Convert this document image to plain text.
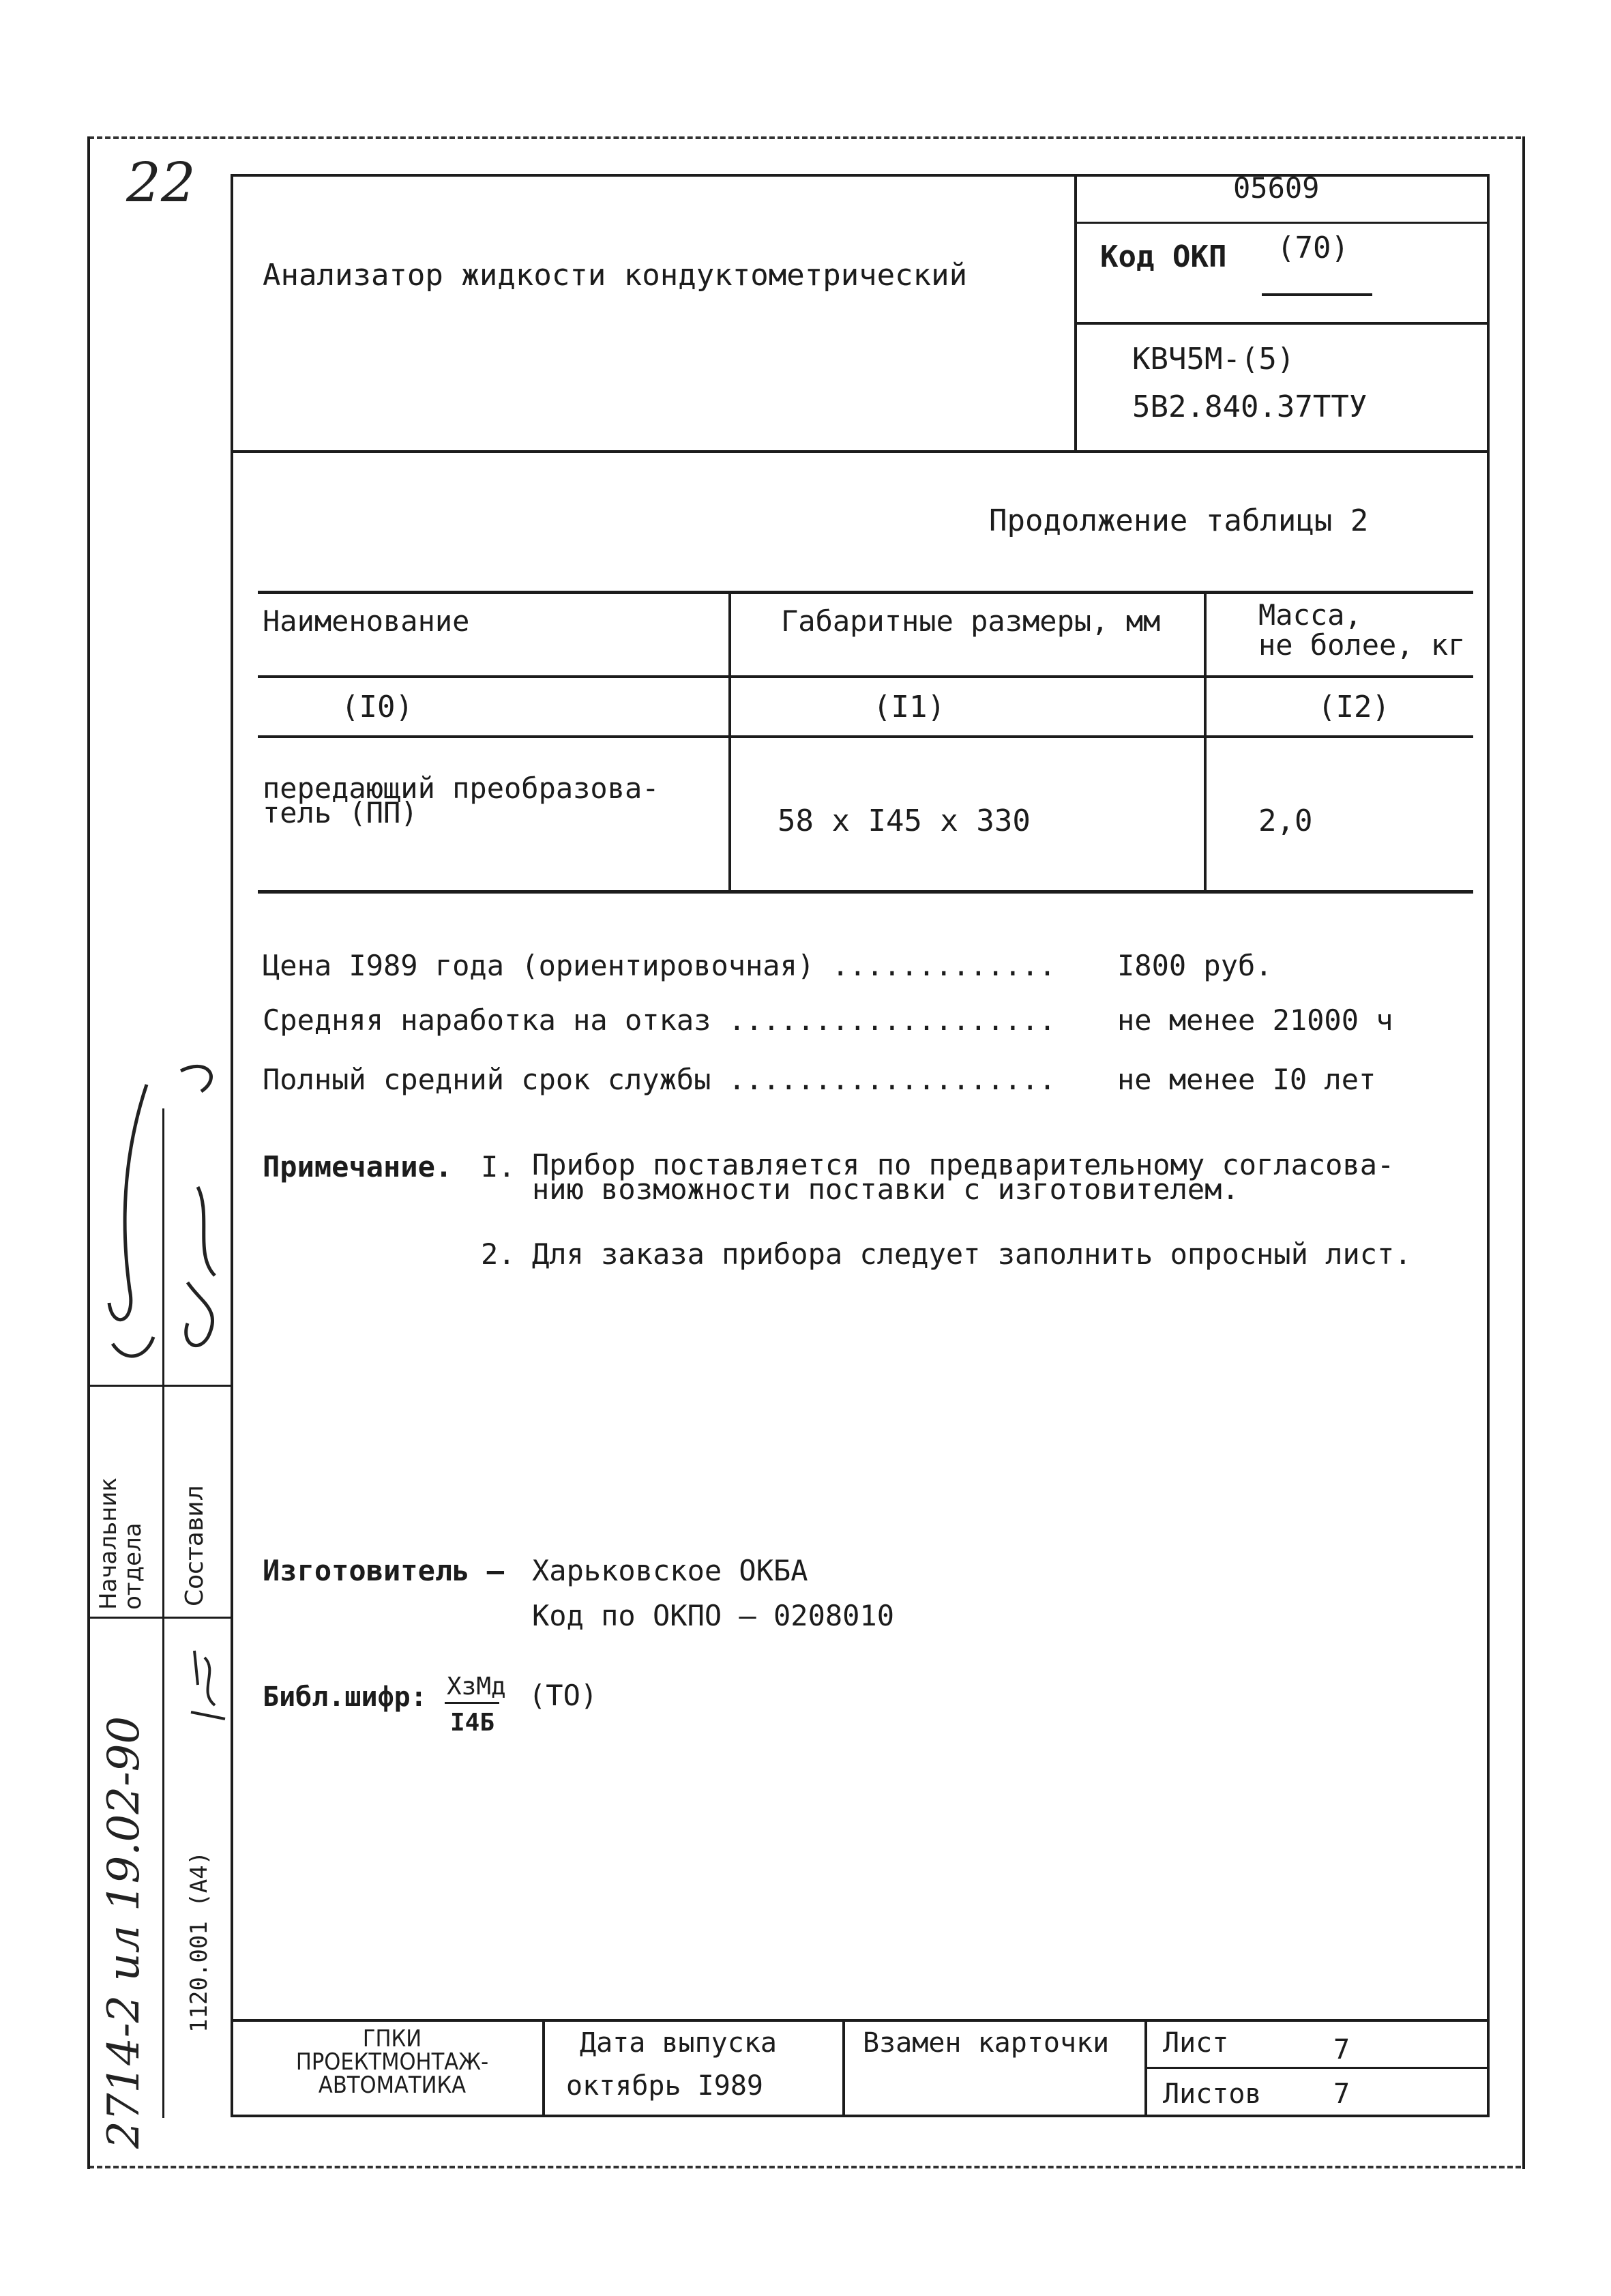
22
Анализатор жидкости кондуктометрический
05609
Код ОКП (70)
КВЧ5М-(5)
5В2.840.37ТТУ
Продолжение таблицы 2
Наименование	Габаритные размеры, мм	Масса,
не более, кг
(I0)	(I1)	(I2)
передающий преобразова-
тель (ПП)	58 x I45 x 330	2,0
Цена I989 года (ориентировочная) ............. I800 руб.
Средняя наработка на отказ ................... не менее 21000 ч
Полный средний срок службы ................... не менее I0 лет
Примечание. I. Прибор поставляется по предварительному согласова-
нию возможности поставки с изготовителем.
2. Для заказа прибора следует заполнить опросный лист.
Изготовитель – Харьковское ОКБА
Код по ОКПО – 0208010
Библ.шифр: ХзМд
I4Б
(ТО)
Начальник отдела Составил
1120.001 (А4)
2714-2 ил 19.02-90	ГПКИ
ПРОЕКТМОНТАЖ-
АВТОМАТИКА
Дата выпуска
октябрь I989
Взамен карточки Лист	7
Листов	7
